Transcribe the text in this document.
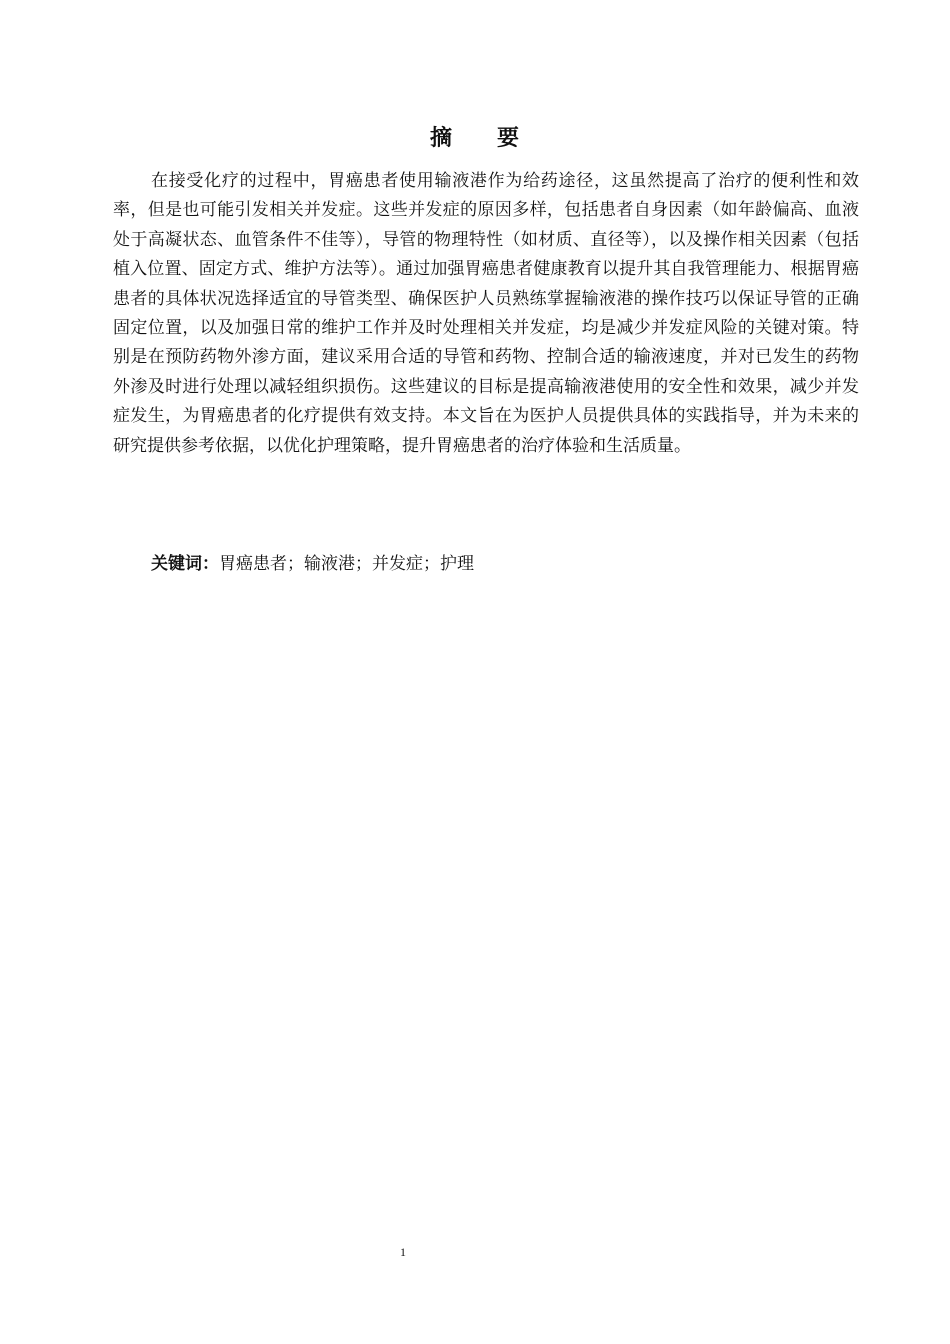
摘 要

在接受化疗的过程中，胃癌患者使用输液港作为给药途径，这虽然提高了治疗的便利性和效率，但是也可能引发相关并发症。这些并发症的原因多样，包括患者自身因素（如年龄偏高、血液处于高凝状态、血管条件不佳等），导管的物理特性（如材质、直径等），以及操作相关因素（包括植入位置、固定方式、维护方法等）。通过加强胃癌患者健康教育以提升其自我管理能力、根据胃癌患者的具体状况选择适宜的导管类型、确保医护人员熟练掌握输液港的操作技巧以保证导管的正确固定位置，以及加强日常的维护工作并及时处理相关并发症，均是减少并发症风险的关键对策。特别是在预防药物外渗方面，建议采用合适的导管和药物、控制合适的输液速度，并对已发生的药物外渗及时进行处理以减轻组织损伤。这些建议的目标是提高输液港使用的安全性和效果，减少并发症发生，为胃癌患者的化疗提供有效支持。本文旨在为医护人员提供具体的实践指导，并为未来的研究提供参考依据，以优化护理策略，提升胃癌患者的治疗体验和生活质量。

关键词：胃癌患者；输液港；并发症；护理

1
